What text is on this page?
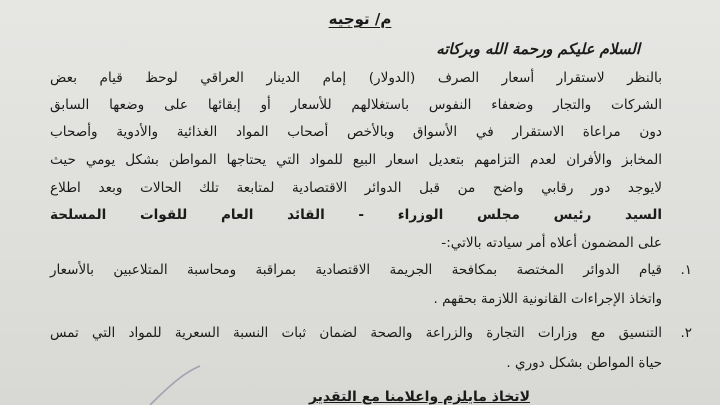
م/ توجيه
السلام عليكم ورحمة الله وبركاته
بالنظر لاستقرار أسعار الصرف (الدولار) إمام الدينار العراقي لوحظ قيام بعض
الشركات والتجار وضعفاء النفوس باستغلالهم للأسعار أو إبقائها على وضعها السابق
دون مراعاة الاستقرار في الأسواق وبالأخص أصحاب المواد الغذائية والأدوية وأصحاب
المخابز والأفران لعدم التزامهم بتعديل اسعار البيع للمواد التي يحتاجها المواطن بشكل يومي حيث
لايوجد دور رقابي واضح من قبل الدوائر الاقتصادية لمتابعة تلك الحالات وبعد اطلاع
السيد رئيس مجلس الوزراء - القائد العام للقوات المسلحة
على المضمون أعلاه أمر سيادته بالاتي:-
١.
قيام الدوائر المختصة بمكافحة الجريمة الاقتصادية بمراقبة ومحاسبة المتلاعبين بالأسعار
واتخاذ الإجراءات القانونية اللازمة بحقهم .
٢.
التنسيق مع وزارات التجارة والزراعة والصحة لضمان ثبات النسبة السعرية للمواد التي تمس
حياة المواطن بشكل دوري .
لاتخاذ مايلزم واعلامنا مع التقدير
